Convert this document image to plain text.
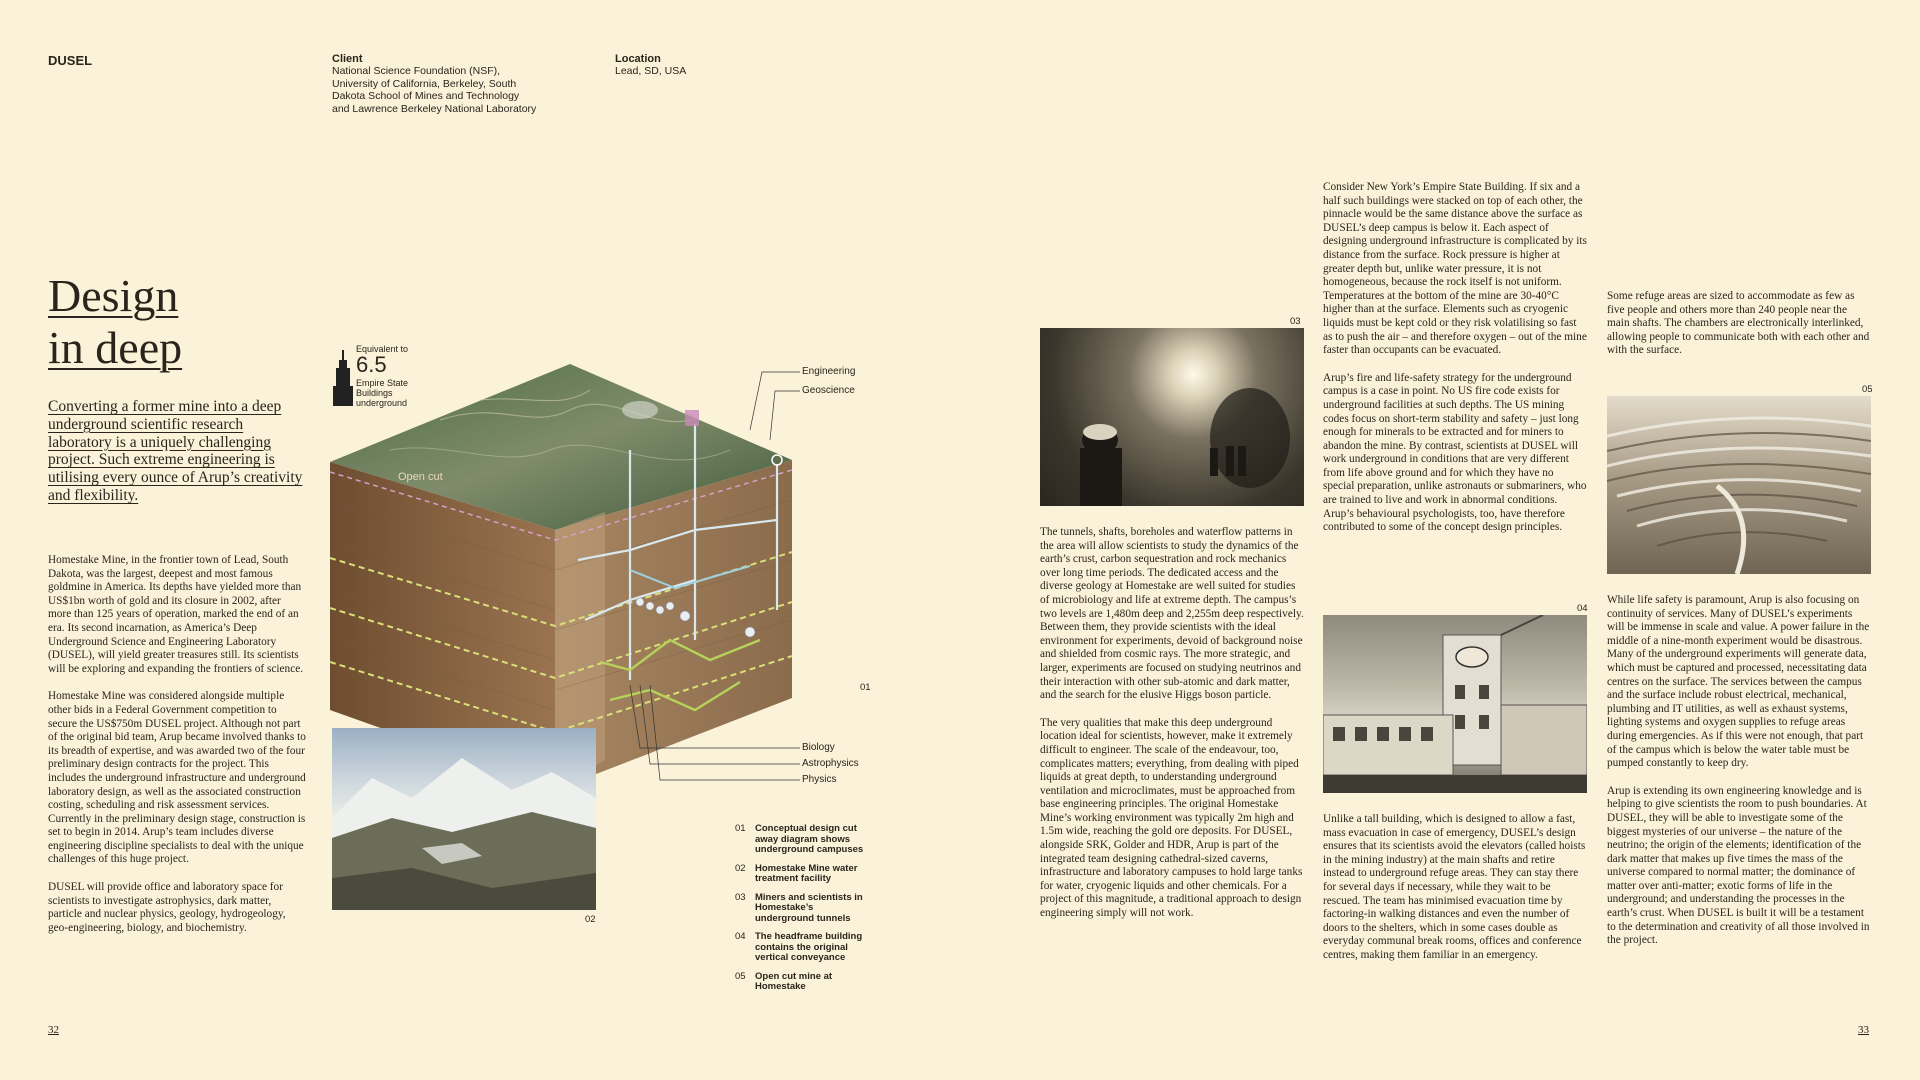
DUSEL	Client
National Science Foundation (NSF),
University of California, Berkeley, South
Dakota School of Mines and Technology
and Lawrence Berkeley National Laboratory
Location
Lead, SD, USA
Design
in deep
Converting a former mine into a deep underground scientific research laboratory is a uniquely challenging project. Such extreme engineering is utilising every ounce of Arup’s creativity and flexibility.

Homestake Mine, in the frontier town of Lead, South Dakota, was the largest, deepest and most famous goldmine in America. Its depths have yielded more than US$1bn worth of gold and its closure in 2002, after more than 125 years of operation, marked the end of an era. Its second incarnation, as America’s Deep Underground Science and Engineering Laboratory (DUSEL), will yield greater treasures still. Its scientists will be exploring and expanding the frontiers of science.

Homestake Mine was considered alongside multiple other bids in a Federal Government competition to secure the US$750m DUSEL project. Although not part of the original bid team, Arup became involved thanks to its breadth of expertise, and was awarded two of the four preliminary design contracts for the project. This includes the underground infrastructure and underground laboratory design, as well as the associated construction costing, scheduling and risk assessment services. Currently in the preliminary design stage, construction is set to begin in 2014. Arup’s team includes diverse engineering discipline specialists to deal with the unique challenges of this huge project.

DUSEL will provide office and laboratory space for scientists to investigate astrophysics, dark matter, particle and nuclear physics, geology, hydrogeology, geo-engineering, biology, and biochemistry.

Open cut
Equivalent to
6.5
Empire State
Buildings
underground
Engineering
Geoscience
Biology
Astrophysics
Physics
01
02
01 Conceptual design cut away diagram shows underground campuses
02 Homestake Mine water treatment facility
03 Miners and scientists in Homestake’s underground tunnels
04 The headframe building contains the original vertical conveyance
05 Open cut mine at Homestake
03

The tunnels, shafts, boreholes and waterflow patterns in the area will allow scientists to study the dynamics of the earth’s crust, carbon sequestration and rock mechanics over long time periods. The dedicated access and the diverse geology at Homestake are well suited for studies of microbiology and life at extreme depth. The campus’s two levels are 1,480m deep and 2,255m deep respectively. Between them, they provide scientists with the ideal environment for experiments, devoid of background noise and shielded from cosmic rays. The more strategic, and larger, experiments are focused on studying neutrinos and their interaction with other sub-atomic and dark matter, and the search for the elusive Higgs boson particle.

The very qualities that make this deep underground location ideal for scientists, however, make it extremely difficult to engineer. The scale of the endeavour, too, complicates matters; everything, from dealing with piped liquids at great depth, to understanding underground ventilation and microclimates, must be approached from base engineering principles. The original Homestake Mine’s working environment was typically 2m high and 1.5m wide, reaching the gold ore deposits. For DUSEL, alongside SRK, Golder and HDR, Arup is part of the integrated team designing cathedral-sized caverns, infrastructure and laboratory campuses to hold large tanks for water, cryogenic liquids and other chemicals. For a project of this magnitude, a traditional approach to design engineering simply will not work.

Consider New York’s Empire State Building. If six and a half such buildings were stacked on top of each other, the pinnacle would be the same distance above the surface as DUSEL’s deep campus is below it. Each aspect of designing underground infrastructure is complicated by its distance from the surface. Rock pressure is higher at greater depth but, unlike water pressure, it is not homogeneous, because the rock itself is not uniform. Temperatures at the bottom of the mine are 30-40°C higher than at the surface. Elements such as cryogenic liquids must be kept cold or they risk volatilising so fast as to push the air – and therefore oxygen – out of the mine faster than occupants can be evacuated.

Arup’s fire and life-safety strategy for the underground campus is a case in point. No US fire code exists for underground facilities at such depths. The US mining codes focus on short-term stability and safety – just long enough for minerals to be extracted and for miners to abandon the mine. By contrast, scientists at DUSEL will work underground in conditions that are very different from life above ground and for which they have no special preparation, unlike astronauts or submariners, who are trained to live and work in abnormal conditions. Arup’s behavioural psychologists, too, have therefore contributed to some of the concept design principles.

04

Unlike a tall building, which is designed to allow a fast, mass evacuation in case of emergency, DUSEL’s design ensures that its scientists avoid the elevators (called hoists in the mining industry) at the main shafts and retire instead to underground refuge areas. They can stay there for several days if necessary, while they wait to be rescued. The team has minimised evacuation time by factoring-in walking distances and even the number of doors to the shelters, which in some cases double as everyday communal break rooms, offices and conference centres, making them familiar in an emergency.

Some refuge areas are sized to accommodate as few as five people and others more than 240 people near the main shafts. The chambers are electronically interlinked, allowing people to communicate both with each other and with the surface.

05

While life safety is paramount, Arup is also focusing on continuity of services. Many of DUSEL’s experiments will be immense in scale and value. A power failure in the middle of a nine-month experiment would be disastrous. Many of the underground experiments will generate data, which must be captured and processed, necessitating data centres on the surface. The services between the campus and the surface include robust electrical, mechanical, plumbing and IT utilities, as well as exhaust systems, lighting systems and oxygen supplies to refuge areas during emergencies. As if this were not enough, that part of the campus which is below the water table must be pumped constantly to keep dry.

Arup is extending its own engineering knowledge and is helping to give scientists the room to push boundaries. At DUSEL, they will be able to investigate some of the biggest mysteries of our universe – the nature of the neutrino; the origin of the elements; identification of the dark matter that makes up five times the mass of the universe compared to normal matter; the dominance of matter over anti-matter; exotic forms of life in the underground; and understanding the processes in the earth’s crust. When DUSEL is built it will be a testament to the determination and creativity of all those involved in the project.

32	33
